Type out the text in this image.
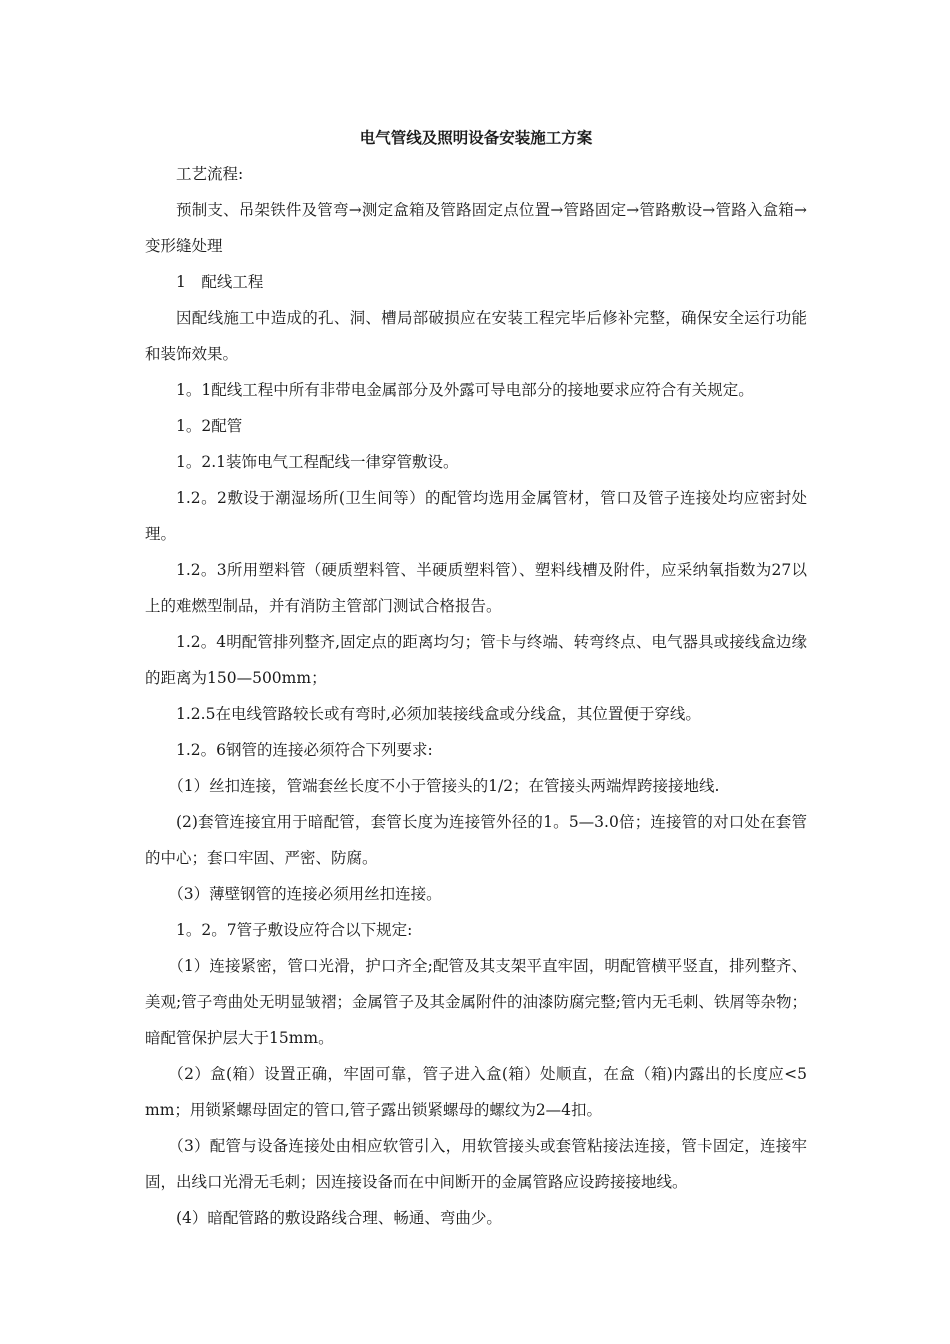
电气管线及照明设备安装施工方案

工艺流程:

预制支、吊架铁件及管弯→测定盒箱及管路固定点位置→管路固定→管路敷设→管路入盒箱→变形缝处理

1　配线工程

因配线施工中造成的孔、洞、槽局部破损应在安装工程完毕后修补完整，确保安全运行功能和装饰效果。

1。1配线工程中所有非带电金属部分及外露可导电部分的接地要求应符合有关规定。

1。2配管

1。2.1装饰电气工程配线一律穿管敷设。

1.2。2敷设于潮湿场所(卫生间等）的配管均选用金属管材，管口及管子连接处均应密封处理。

1.2。3所用塑料管（硬质塑料管、半硬质塑料管）、塑料线槽及附件，应采纳氧指数为27以上的难燃型制品，并有消防主管部门测试合格报告。

1.2。4明配管排列整齐,固定点的距离均匀；管卡与终端、转弯终点、电气器具或接线盒边缘的距离为150—500mm；

1.2.5在电线管路较长或有弯时,必须加装接线盒或分线盒，其位置便于穿线。

1.2。6钢管的连接必须符合下列要求:

（1）丝扣连接，管端套丝长度不小于管接头的1/2；在管接头两端焊跨接接地线.

(2)套管连接宜用于暗配管，套管长度为连接管外径的1。5—3.0倍；连接管的对口处在套管的中心；套口牢固、严密、防腐。

（3）薄壁钢管的连接必须用丝扣连接。

1。2。7管子敷设应符合以下规定:

（1）连接紧密，管口光滑，护口齐全;配管及其支架平直牢固，明配管横平竖直，排列整齐、美观;管子弯曲处无明显皱褶；金属管子及其金属附件的油漆防腐完整;管内无毛刺、铁屑等杂物；暗配管保护层大于15mm。

（2）盒(箱）设置正确，牢固可靠，管子进入盒(箱）处顺直，在盒（箱)内露出的长度应<5 mm；用锁紧螺母固定的管口,管子露出锁紧螺母的螺纹为2—4扣。

（3）配管与设备连接处由相应软管引入，用软管接头或套管粘接法连接，管卡固定，连接牢固，出线口光滑无毛刺；因连接设备而在中间断开的金属管路应设跨接接地线。

(4）暗配管路的敷设路线合理、畅通、弯曲少。
